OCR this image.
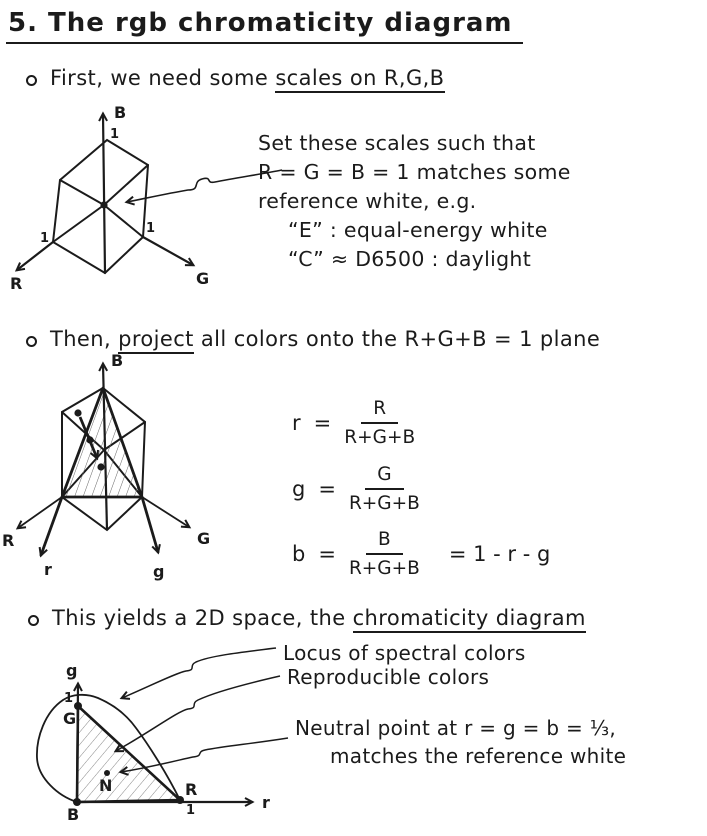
5. The rgb chromaticity diagram
First, we need some scales on R,G,B
B
R	G
1
1
1
Set these scales such that
R = G = B = 1 matches some
reference white, e.g.
“E” : equal-energy white
“C” ≈ D6500 : daylight
Then, project all colors onto the R+G+B = 1 plane
B
R	G
r	g
$r = \frac{R}{R+G+B}$
$g = \frac{G}{R+G+B}$
$b = \frac{B}{R+G+B} = 1 - r - g$
This yields a 2D space, the chromaticity diagram
g
r
1
G
R
1
B
N
Locus of spectral colors
Reproducible colors
Neutral point at r = g = b = ⅓,
matches the reference white
